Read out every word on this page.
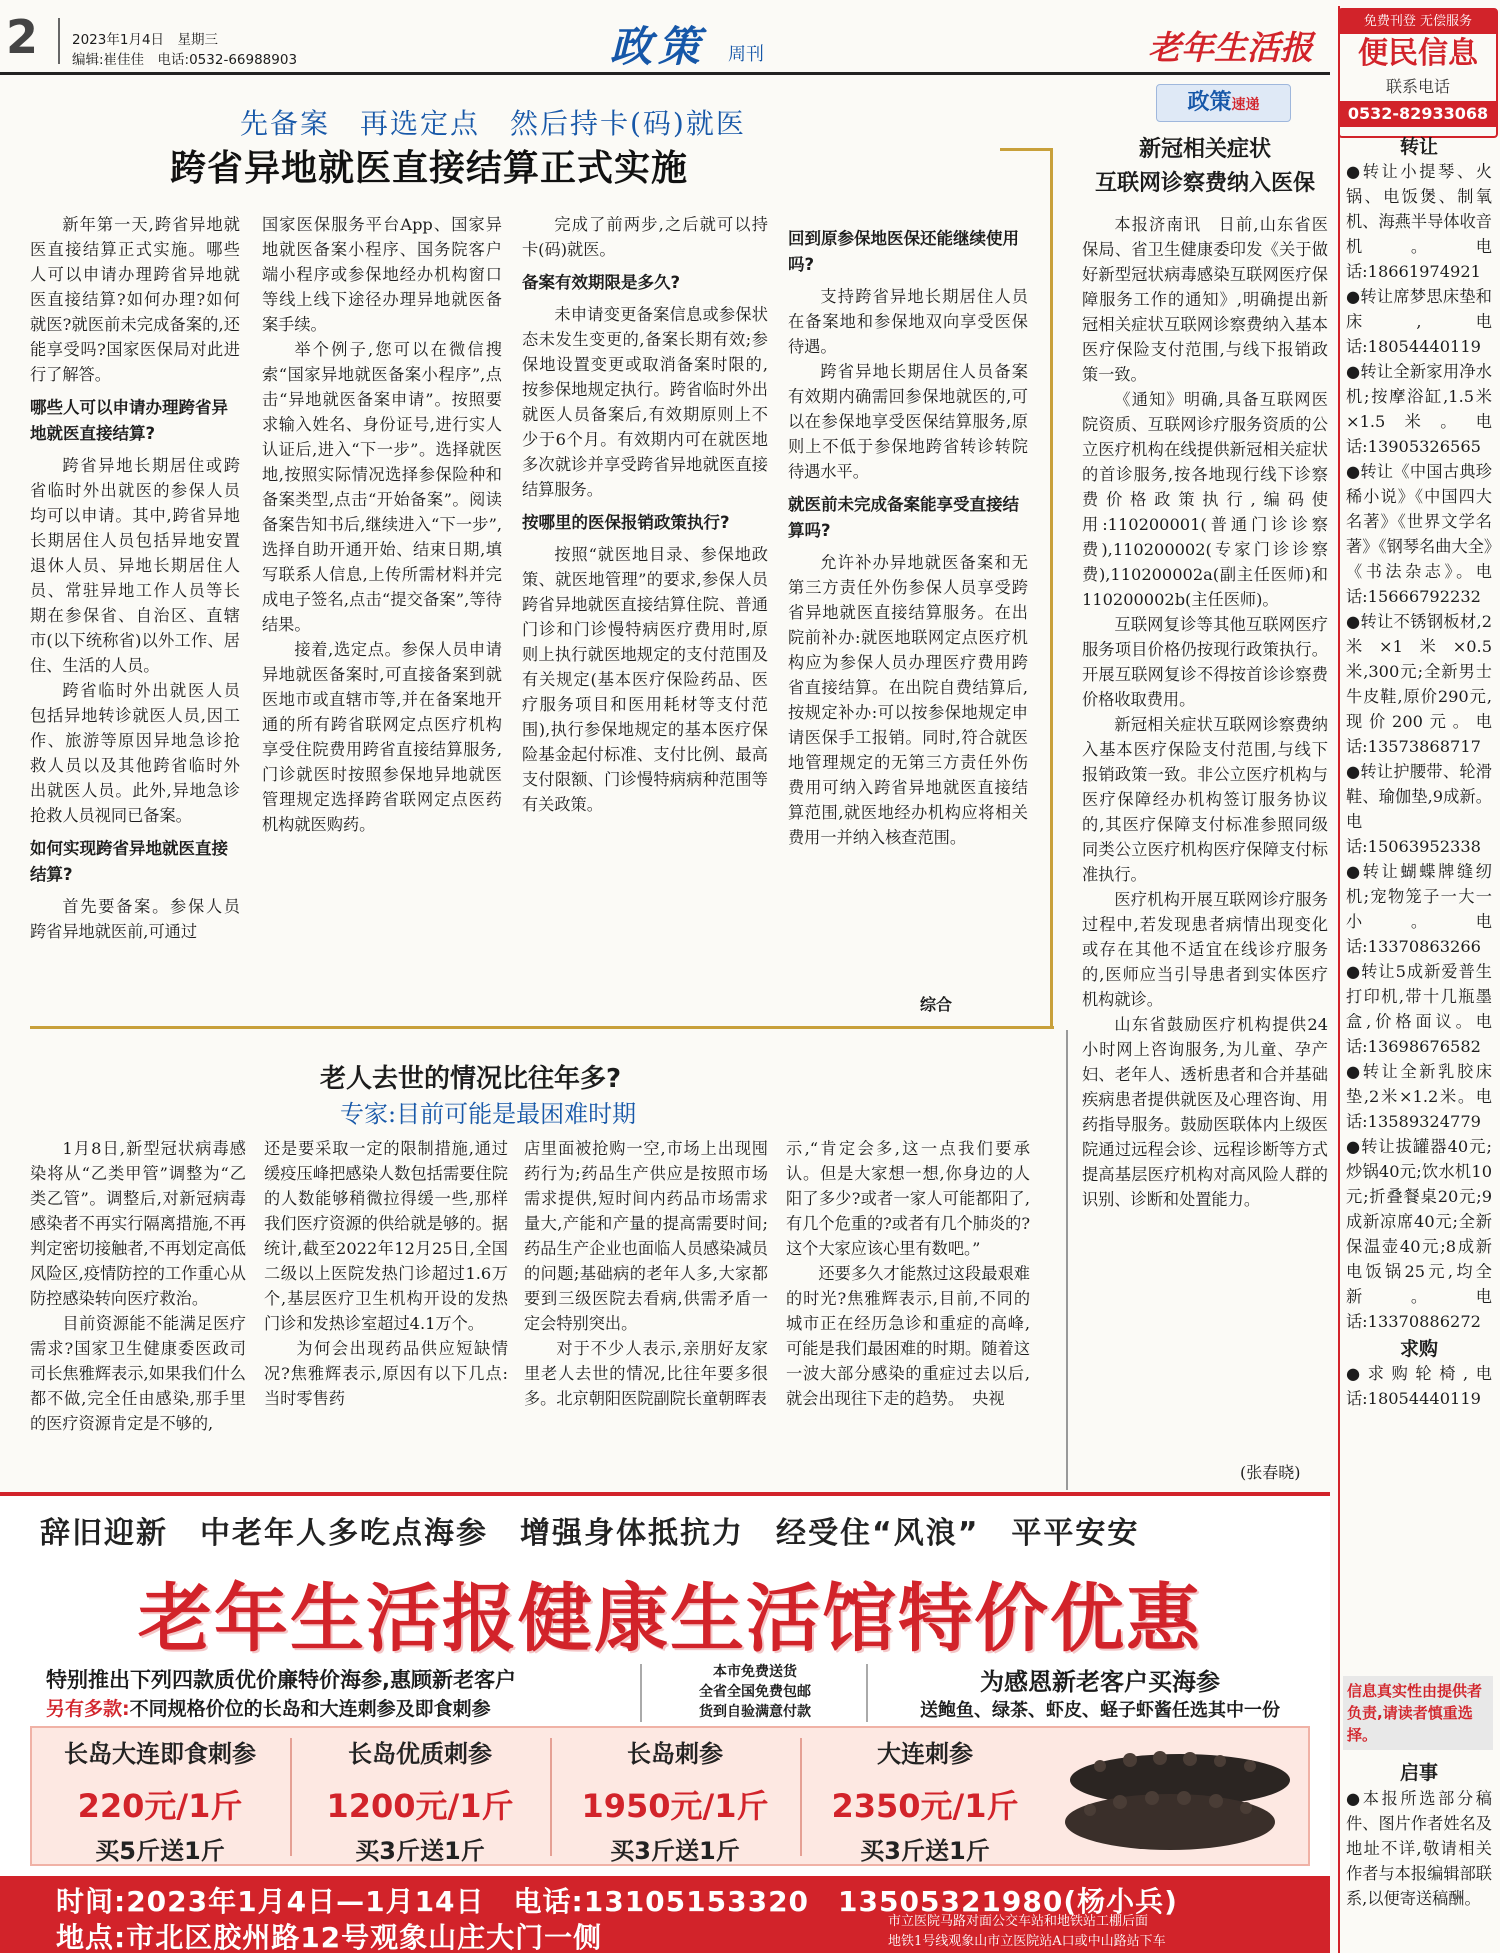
2	2023年1月4日　星期三
编辑:崔佳佳　电话:0532-66988903	政策 周刊	老年生活报
先备案　再选定点　然后持卡(码)就医
跨省异地就医直接结算正式实施
新年第一天,跨省异地就医直接结算正式实施。哪些人可以申请办理跨省异地就医直接结算?如何办理?如何就医?就医前未完成备案的,还能享受吗?国家医保局对此进行了解答。
哪些人可以申请办理跨省异地就医直接结算?
跨省异地长期居住或跨省临时外出就医的参保人员均可以申请。其中,跨省异地长期居住人员包括异地安置退休人员、异地长期居住人员、常驻异地工作人员等长期在参保省、自治区、直辖市(以下统称省)以外工作、居住、生活的人员。
跨省临时外出就医人员包括异地转诊就医人员,因工作、旅游等原因异地急诊抢救人员以及其他跨省临时外出就医人员。此外,异地急诊抢救人员视同已备案。
如何实现跨省异地就医直接结算?
首先要备案。参保人员跨省异地就医前,可通过
国家医保服务平台App、国家异地就医备案小程序、国务院客户端小程序或参保地经办机构窗口等线上线下途径办理异地就医备案手续。
举个例子,您可以在微信搜索“国家异地就医备案小程序”,点击“异地就医备案申请”。按照要求输入姓名、身份证号,进行实人认证后,进入“下一步”。选择就医地,按照实际情况选择参保险种和备案类型,点击“开始备案”。阅读备案告知书后,继续进入“下一步”,选择自助开通开始、结束日期,填写联系人信息,上传所需材料并完成电子签名,点击“提交备案”,等待结果。
接着,选定点。参保人员申请异地就医备案时,可直接备案到就医地市或直辖市等,并在备案地开通的所有跨省联网定点医疗机构享受住院费用跨省直接结算服务,门诊就医时按照参保地异地就医管理规定选择跨省联网定点医药机构就医购药。
完成了前两步,之后就可以持卡(码)就医。
备案有效期限是多久?
未申请变更备案信息或参保状态未发生变更的,备案长期有效;参保地设置变更或取消备案时限的,按参保地规定执行。跨省临时外出就医人员备案后,有效期原则上不少于6个月。有效期内可在就医地多次就诊并享受跨省异地就医直接结算服务。
按哪里的医保报销政策执行?
按照“就医地目录、参保地政策、就医地管理”的要求,参保人员跨省异地就医直接结算住院、普通门诊和门诊慢特病医疗费用时,原则上执行就医地规定的支付范围及有关规定(基本医疗保险药品、医疗服务项目和医用耗材等支付范围),执行参保地规定的基本医疗保险基金起付标准、支付比例、最高支付限额、门诊慢特病病种范围等有关政策。
回到原参保地医保还能继续使用吗?
支持跨省异地长期居住人员在备案地和参保地双向享受医保待遇。
跨省异地长期居住人员备案有效期内确需回参保地就医的,可以在参保地享受医保结算服务,原则上不低于参保地跨省转诊转院待遇水平。
就医前未完成备案能享受直接结算吗?
允许补办异地就医备案和无第三方责任外伤参保人员享受跨省异地就医直接结算服务。在出院前补办:就医地联网定点医疗机构应为参保人员办理医疗费用跨省直接结算。在出院自费结算后,按规定补办:可以按参保地规定申请医保手工报销。同时,符合就医地管理规定的无第三方责任外伤费用可纳入跨省异地就医直接结算范围,就医地经办机构应将相关费用一并纳入核查范围。
综合
政策速递
新冠相关症状
互联网诊察费纳入医保
本报济南讯　日前,山东省医保局、省卫生健康委印发《关于做好新型冠状病毒感染互联网医疗保障服务工作的通知》,明确提出新冠相关症状互联网诊察费纳入基本医疗保险支付范围,与线下报销政策一致。
《通知》明确,具备互联网医院资质、互联网诊疗服务资质的公立医疗机构在线提供新冠相关症状的首诊服务,按各地现行线下诊察费价格政策执行,编码使用:110200001(普通门诊诊察费),110200002(专家门诊诊察费),110200002a(副主任医师)和110200002b(主任医师)。
互联网复诊等其他互联网医疗服务项目价格仍按现行政策执行。开展互联网复诊不得按首诊诊察费价格收取费用。
新冠相关症状互联网诊察费纳入基本医疗保险支付范围,与线下报销政策一致。非公立医疗机构与医疗保障经办机构签订服务协议的,其医疗保障支付标准参照同级同类公立医疗机构医疗保障支付标准执行。
医疗机构开展互联网诊疗服务过程中,若发现患者病情出现变化或存在其他不适宜在线诊疗服务的,医师应当引导患者到实体医疗机构就诊。
山东省鼓励医疗机构提供24小时网上咨询服务,为儿童、孕产妇、老年人、透析患者和合并基础疾病患者提供就医及心理咨询、用药指导服务。鼓励医联体内上级医院通过远程会诊、远程诊断等方式提高基层医疗机构对高风险人群的识别、诊断和处置能力。
(张春晓)
老人去世的情况比往年多?
专家:目前可能是最困难时期
1月8日,新型冠状病毒感染将从“乙类甲管”调整为“乙类乙管”。调整后,对新冠病毒感染者不再实行隔离措施,不再判定密切接触者,不再划定高低风险区,疫情防控的工作重心从防控感染转向医疗救治。
目前资源能不能满足医疗需求?国家卫生健康委医政司司长焦雅辉表示,如果我们什么都不做,完全任由感染,那手里的医疗资源肯定是不够的,
还是要采取一定的限制措施,通过缓疫压峰把感染人数包括需要住院的人数能够稍微拉得缓一些,那样我们医疗资源的供给就是够的。据统计,截至2022年12月25日,全国二级以上医院发热门诊超过1.6万个,基层医疗卫生机构开设的发热门诊和发热诊室超过4.1万个。
为何会出现药品供应短缺情况?焦雅辉表示,原因有以下几点:当时零售药
店里面被抢购一空,市场上出现囤药行为;药品生产供应是按照市场需求提供,短时间内药品市场需求量大,产能和产量的提高需要时间;药品生产企业也面临人员感染减员的问题;基础病的老年人多,大家都要到三级医院去看病,供需矛盾一定会特别突出。
对于不少人表示,亲朋好友家里老人去世的情况,比往年要多很多。北京朝阳医院副院长童朝晖表
示,“肯定会多,这一点我们要承认。但是大家想一想,你身边的人阳了多少?或者一家人可能都阳了,有几个危重的?或者有几个肺炎的?这个大家应该心里有数吧。”
还要多久才能熬过这段最艰难的时光?焦雅辉表示,目前,不同的城市正在经历急诊和重症的高峰,可能是我们最困难的时期。随着这一波大部分感染的重症过去以后,就会出现往下走的趋势。　央视
免费刊登 无偿服务
便民信息
联系电话
0532-82933068
转让
●转让小提琴、火锅、电饭煲、制氧机、海燕半导体收音机。电话:18661974921
●转让席梦思床垫和床,电话:18054440119
●转让全新家用净水机;按摩浴缸,1.5米×1.5米。电话:13905326565
●转让《中国古典珍稀小说》《中国四大名著》《世界文学名著》《钢琴名曲大全》《书法杂志》。电话:15666792232
●转让不锈钢板材,2米×1米×0.5米,300元;全新男士牛皮鞋,原价290元,现价200元。电话:13573868717
●转让护腰带、轮滑鞋、瑜伽垫,9成新。电话:15063952338
●转让蝴蝶牌缝纫机;宠物笼子一大一小。电话:13370863266
●转让5成新爱普生打印机,带十几瓶墨盒,价格面议。电话:13698676582
●转让全新乳胶床垫,2米×1.2米。电话:13589324779
●转让拔罐器40元;炒锅40元;饮水机10元;折叠餐桌20元;9成新凉席40元;全新保温壶40元;8成新电饭锅25元,均全新。电话:13370886272
求购
●求购轮椅,电话:18054440119
信息真实性由提供者负责,请读者慎重选择。
启事
●本报所选部分稿件、图片作者姓名及地址不详,敬请相关作者与本报编辑部联系,以便寄送稿酬。
辞旧迎新　中老年人多吃点海参　增强身体抵抗力　经受住“风浪”　平平安安
老年生活报健康生活馆特价优惠
特别推出下列四款质优价廉特价海参,惠顾新老客户
另有多款:不同规格价位的长岛和大连刺参及即食刺参
本市免费送货
全省全国免费包邮
货到自验满意付款
为感恩新老客户买海参
送鲍鱼、绿茶、虾皮、蛏子虾酱任选其中一份
长岛大连即食刺参
220元/1斤
买5斤送1斤
长岛优质刺参
1200元/1斤
买3斤送1斤
长岛刺参
1950元/1斤
买3斤送1斤
大连刺参
2350元/1斤
买3斤送1斤
时间:2023年1月4日—1月14日　电话:13105153320　13505321980(杨小兵)
地点:市北区胶州路12号观象山庄大门一侧	市立医院马路对面公交车站和地铁站工棚后面
地铁1号线观象山市立医院站A口或中山路站下车
